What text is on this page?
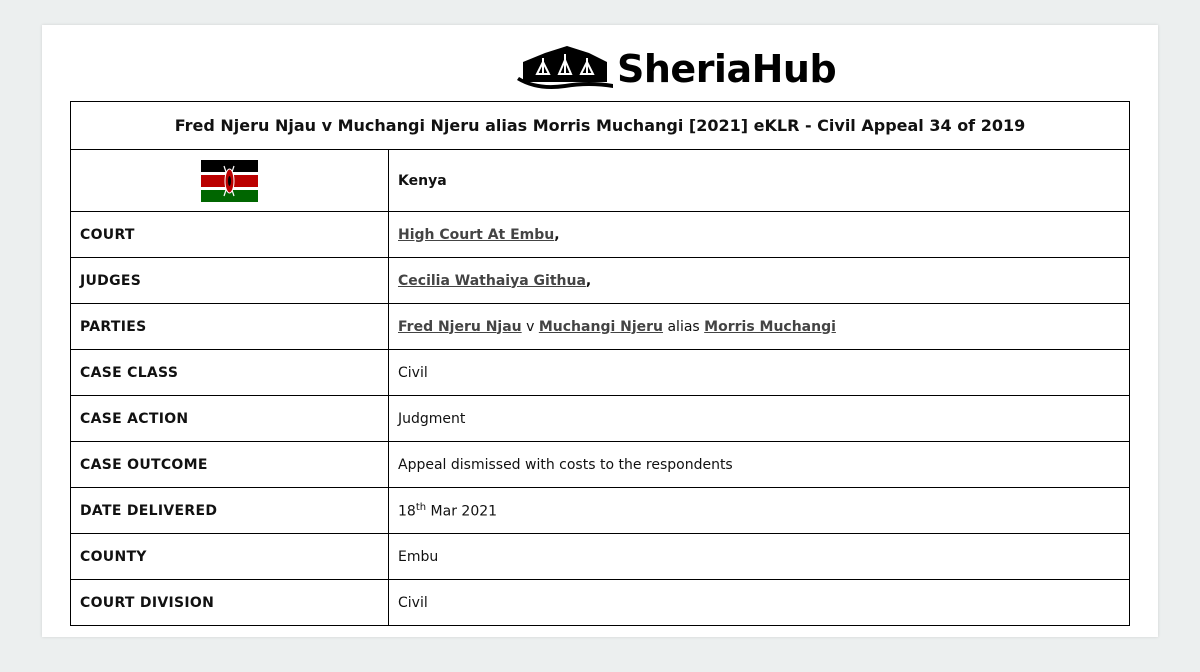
SheriaHub
Fred Njeru Njau v Muchangi Njeru alias Morris Muchangi [2021] eKLR - Civil Appeal 34 of 2019	
	Kenya
COURT	High Court At Embu,
JUDGES	Cecilia Wathaiya Githua,
PARTIES	Fred Njeru Njau v Muchangi Njeru alias Morris Muchangi
CASE CLASS	Civil
CASE ACTION	Judgment
CASE OUTCOME	Appeal dismissed with costs to the respondents
DATE DELIVERED	18th Mar 2021
COUNTY	Embu
COURT DIVISION	Civil
